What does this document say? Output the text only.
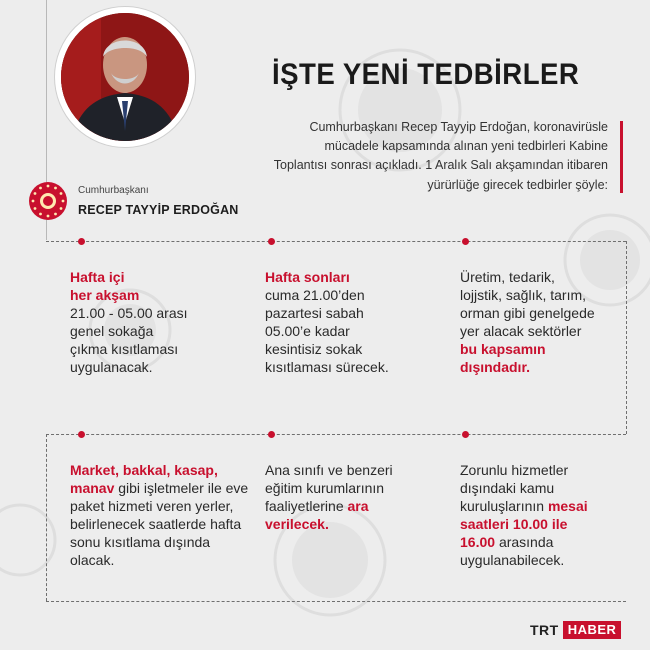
Cumhurbaşkanı
RECEP TAYYİP ERDOĞAN
İŞTE YENİ TEDBİRLER
Cumhurbaşkanı Recep Tayyip Erdoğan, koronavirüsle mücadele kapsamında alınan yeni tedbirleri Kabine Toplantısı sonrası açıkladı. 1 Aralık Salı akşamından itibaren yürürlüğe girecek tedbirler şöyle:
Hafta içi
her akşam
21.00 - 05.00 arası genel sokağa çıkma kısıtlaması uygulanacak.
Hafta sonları
cuma 21.00’den pazartesi sabah 05.00’e kadar kesintisiz sokak kısıtlaması sürecek.
Üretim, tedarik, lojjstik, sağlık, tarım, orman gibi genelgede yer alacak sektörler bu kapsamın dışındadır.
Market, bakkal, kasap, manav gibi işletmeler ile eve paket hizmeti veren yerler, belirlenecek saatlerde hafta sonu kısıtlama dışında olacak.
Ana sınıfı ve benzeri eğitim kurumlarının faaliyetlerine ara verilecek.
Zorunlu hizmetler dışındaki kamu kuruluşlarının mesai saatleri 10.00 ile 16.00 arasında uygulanabilecek.
TRT HABER
